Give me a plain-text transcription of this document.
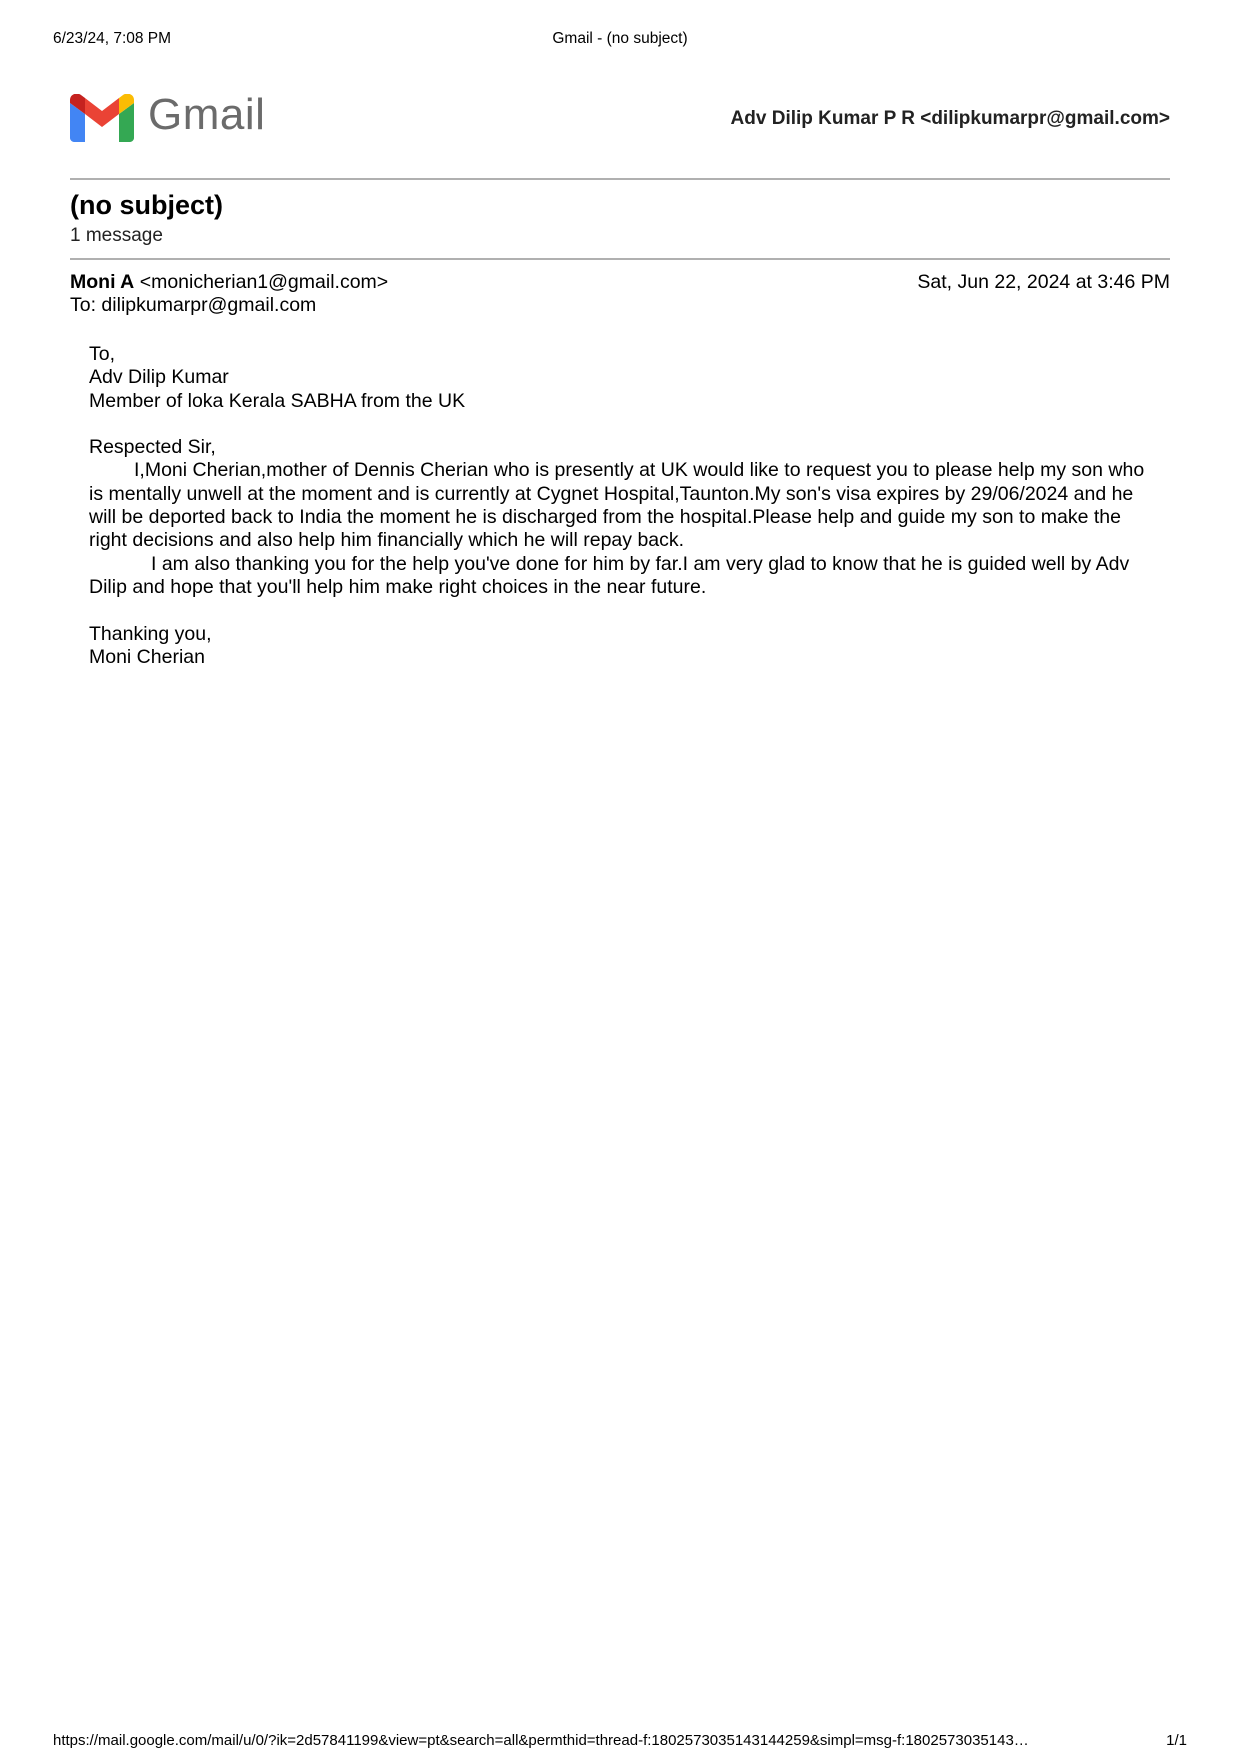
6/23/24, 7:08 PM	Gmail - (no subject)
Gmail	Adv Dilip Kumar P R <dilipkumarpr@gmail.com>
(no subject)
1 message
Moni A <monicherian1@gmail.com>	Sat, Jun 22, 2024 at 3:46 PM
To: dilipkumarpr@gmail.com

To,

Adv Dilip Kumar

Member of loka Kerala SABHA from the UK

Respected Sir,

I,Moni Cherian,mother of Dennis Cherian who is presently at UK would like to request you to please help my son who is mentally unwell at the moment and is currently at Cygnet Hospital,Taunton.My son's visa expires by 29/06/2024 and he will be deported back to India the moment he is discharged from the hospital.Please help and guide my son to make the right decisions and also help him financially which he will repay back.

I am also thanking you for the help you've done for him by far.I am very glad to know that he is guided well by Adv Dilip and hope that you'll help him make right choices in the near future.

Thanking you,

Moni Cherian

https://mail.google.com/mail/u/0/?ik=2d57841199&view=pt&search=all&permthid=thread-f:1802573035143144259&simpl=msg-f:1802573035143…	1/1
